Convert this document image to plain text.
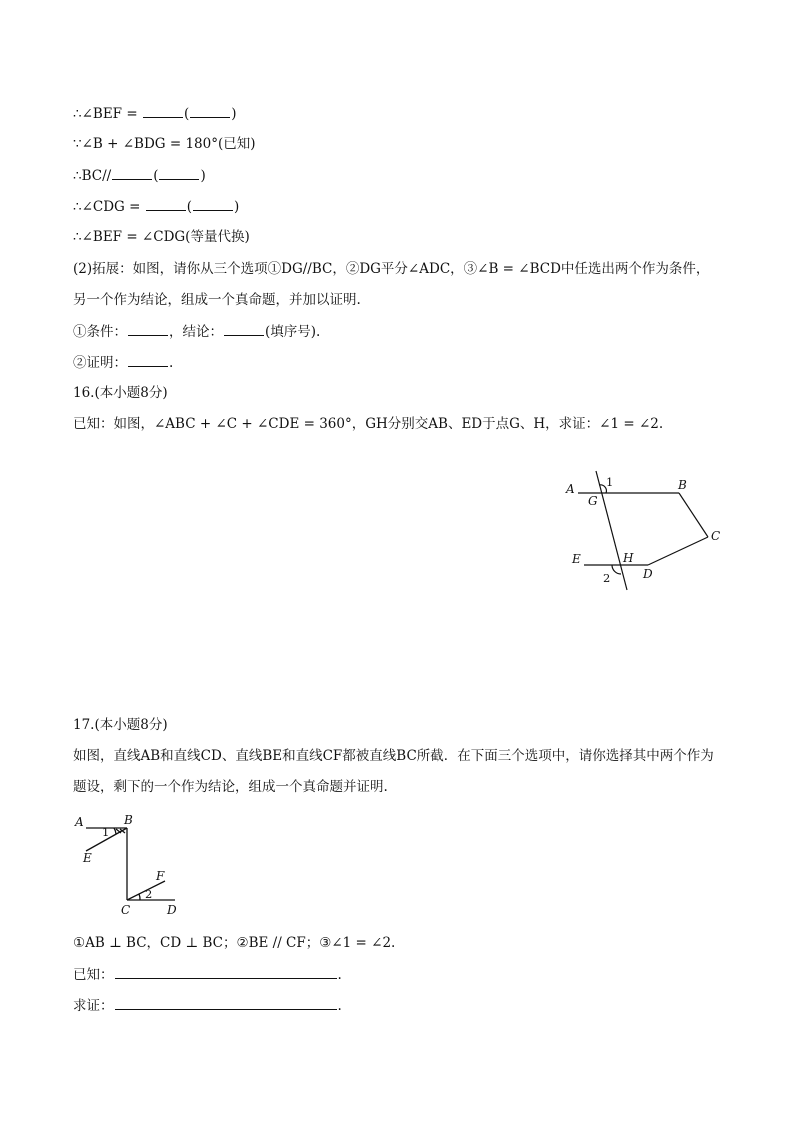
∴∠BEF =	(	)
∵∠B + ∠BDG = 180°(已知)
∴BC//	(	)
∴∠CDG =	(	)
∴∠BEF = ∠CDG(等量代换)
(2)拓展：如图，请你从三个选项①DG//BC，②DG平分∠ADC，③∠B = ∠BCD中任选出两个作为条件，
另一个作为结论，组成一个真命题，并加以证明.
①条件：	，结论：	(填序号).
②证明：	.
16.(本小题8分)
已知：如图，∠ABC + ∠C + ∠CDE = 360°，GH分别交AB、ED于点G、H，求证：∠1 = ∠2.
A	B
C
D
E
G
H
1
2
17.(本小题8分)
如图，直线AB和直线CD、直线BE和直线CF都被直线BC所截．在下面三个选项中，请你选择其中两个作为
题设，剩下的一个作为结论，组成一个真命题并证明.
A	B
C	D
E
F
1
2
①AB ⊥ BC，CD ⊥ BC；②BE // CF；③∠1 = ∠2.
已知：	.
求证：	.
